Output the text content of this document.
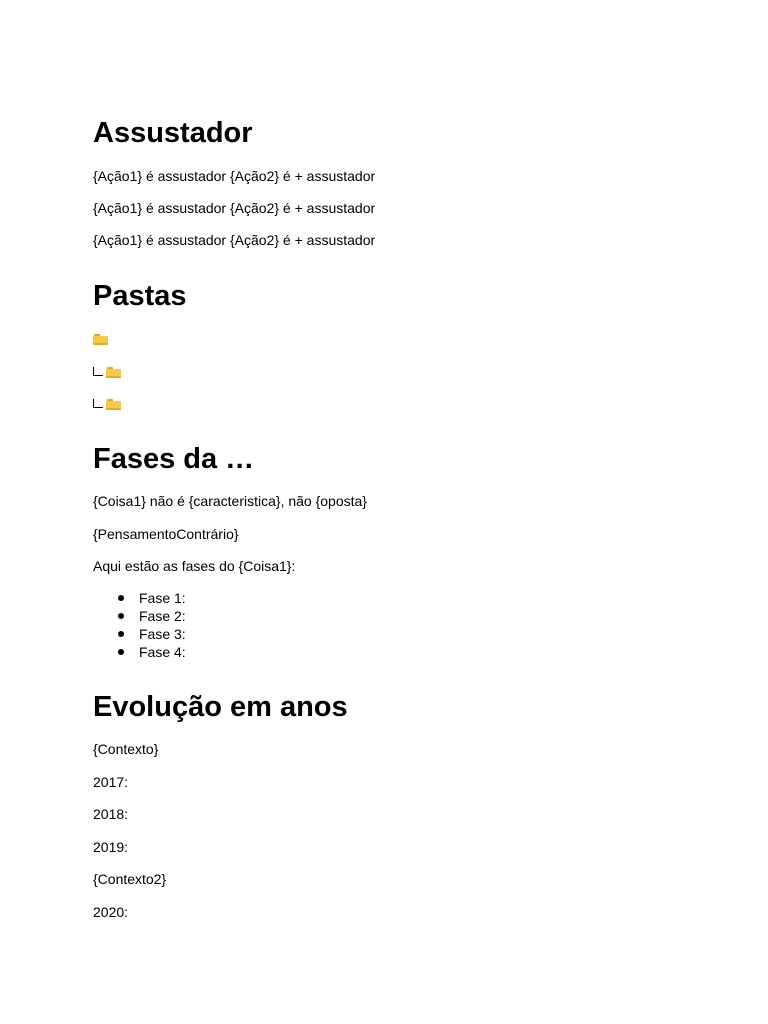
Assustador

{Ação1} é assustador {Ação2} é + assustador

{Ação1} é assustador {Ação2} é + assustador

{Ação1} é assustador {Ação2} é + assustador

Pastas
Fases da …

{Coisa1} não é {caracteristica}, não {oposta}

{PensamentoContrário}

Aqui estão as fases do {Coisa1}:

Fase 1:
Fase 2:
Fase 3:
Fase 4:
Evolução em anos

{Contexto}

2017:

2018:

2019:

{Contexto2}

2020:
